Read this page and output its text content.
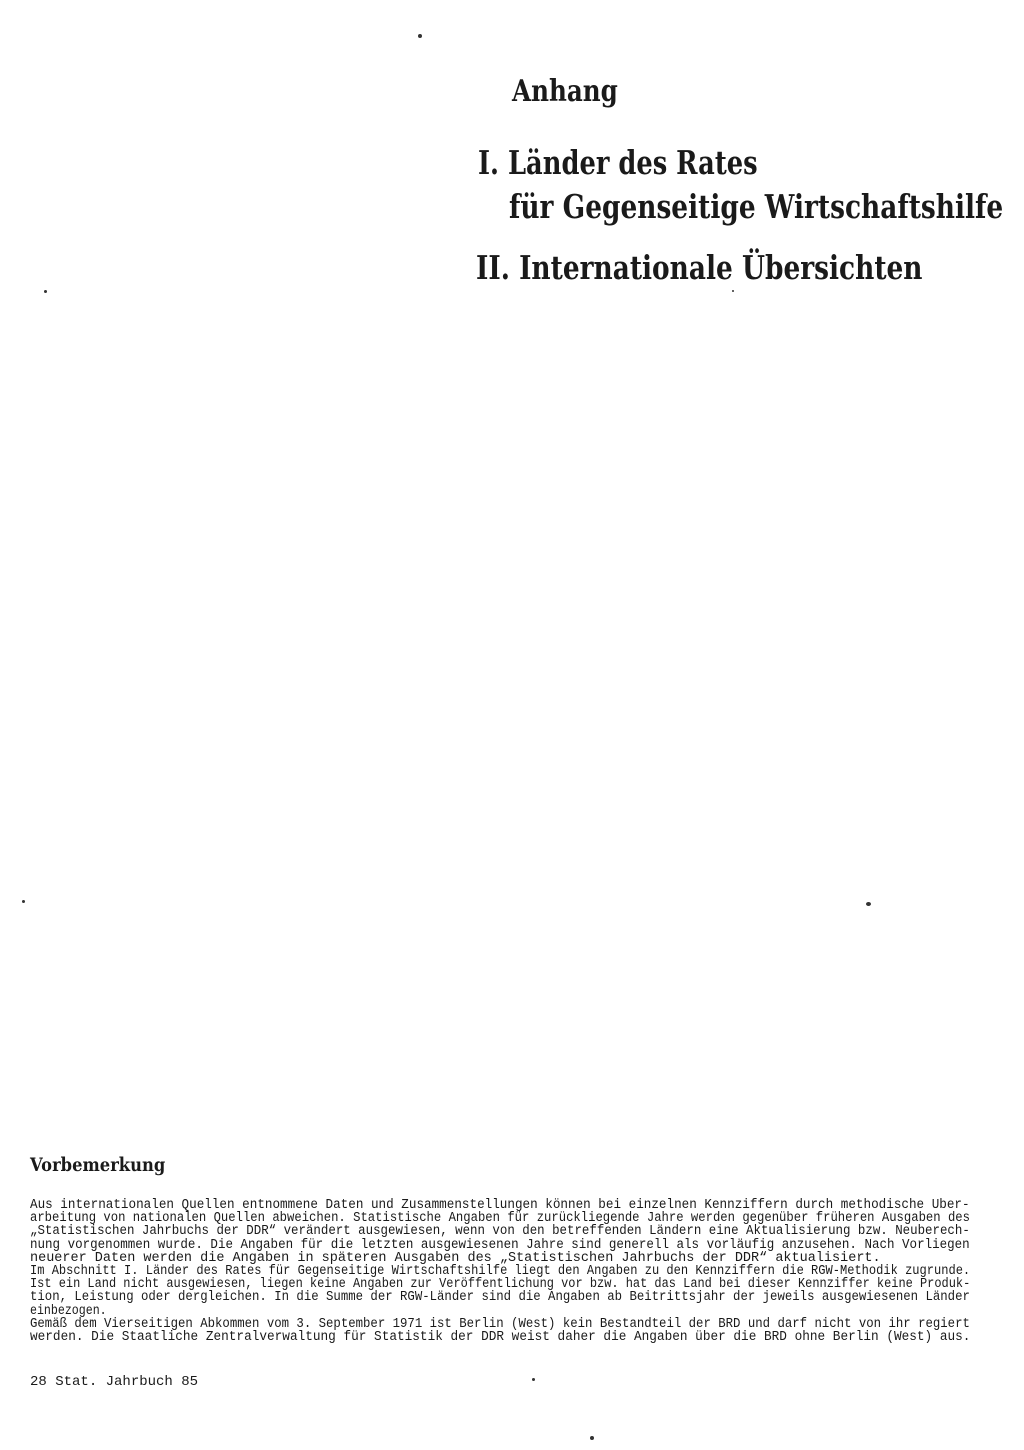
Anhang
I. Länder des Rates
für Gegenseitige Wirtschaftshilfe
II. Internationale Übersichten
Vorbemerkung
Aus internationalen Quellen entnommene Daten und Zusammenstellungen können bei einzelnen Kennziffern durch methodische Über-
arbeitung von nationalen Quellen abweichen. Statistische Angaben für zurückliegende Jahre werden gegenüber früheren Ausgaben des
„Statistischen Jahrbuchs der DDR“ verändert ausgewiesen, wenn von den betreffenden Ländern eine Aktualisierung bzw. Neuberech-
nung vorgenommen wurde. Die Angaben für die letzten ausgewiesenen Jahre sind generell als vorläufig anzusehen. Nach Vorliegen
neuerer Daten werden die Angaben in späteren Ausgaben des „Statistischen Jahrbuchs der DDR“ aktualisiert.
Im Abschnitt I. Länder des Rates für Gegenseitige Wirtschaftshilfe liegt den Angaben zu den Kennziffern die RGW-Methodik zugrunde.
Ist ein Land nicht ausgewiesen, liegen keine Angaben zur Veröffentlichung vor bzw. hat das Land bei dieser Kennziffer keine Produk-
tion, Leistung oder dergleichen. In die Summe der RGW-Länder sind die Angaben ab Beitrittsjahr der jeweils ausgewiesenen Länder
einbezogen.
Gemäß dem Vierseitigen Abkommen vom 3. September 1971 ist Berlin (West) kein Bestandteil der BRD und darf nicht von ihr regiert
werden. Die Staatliche Zentralverwaltung für Statistik der DDR weist daher die Angaben über die BRD ohne Berlin (West) aus.
28 Stat. Jahrbuch 85
